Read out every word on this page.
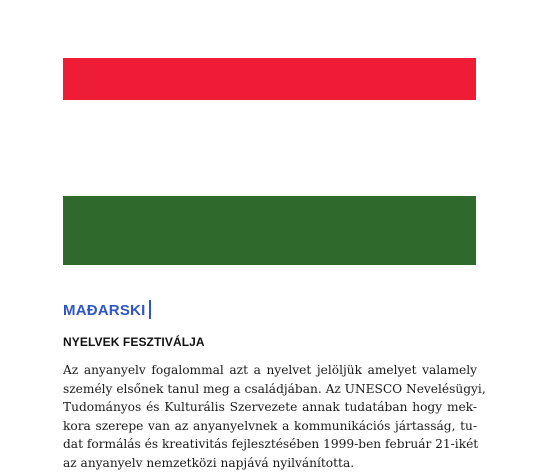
MAĐARSKI
NYELVEK FESZTIVÁLJA

Az anyanyelv fogalommal azt a nyelvet jelöljük amelyet valamely
személy elsőnek tanul meg a családjában. Az UNESCO Nevelésügyi,
Tudományos és Kulturális Szervezete annak tudatában hogy mek-
kora szerepe van az anyanyelvnek a kommunikációs jártasság, tu-
dat formálás és kreativitás fejlesztésében 1999-ben február 21-ikét
az anyanyelv nemzetközi napjává nyilvánította.
